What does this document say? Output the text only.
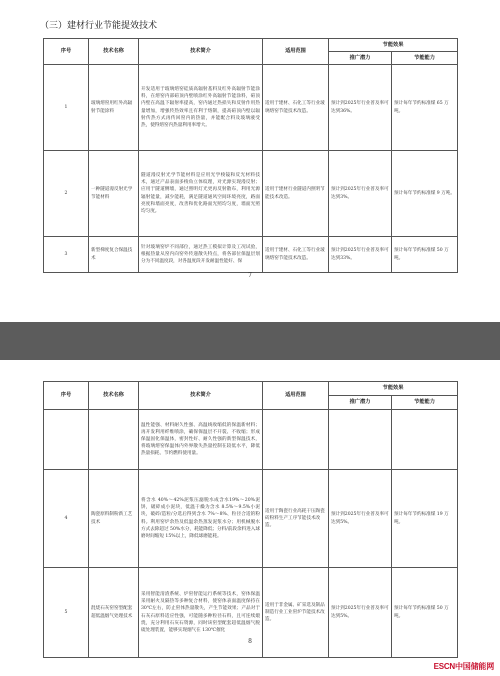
（三）建材行业节能提效技术
序号	技术名称	技术简介	适用范围	节能效果	
				推广潜力	节能能力
1	玻璃熔窑用红外高辐射节能涂料	开发适用于玻璃熔窑硅质高辐射基料及红外高辐射节能涂料，在熔窑内部碹顶内壁喷涂红外高辐射节能涂料，碹顶内壁在高温下辐射率提高，窑内通过热损失和反射作用热量增加，增强传热效率且有利于熔制，提高碹顶内壁以辐射传热方式再传回窑内的热量，并能配合料及玻璃液受热，使得熔窑内热量利用率增大。	适用于建材、石化工等行业玻璃熔窑节能技术改造。	预计到2025年行业普及率可达到36%。	预计每年节约标准煤 65 万吨。
2	一种隧道漫反射光学节能材料	隧道漫反射光学节能材料是应用光学棱镜和反光材料技术，通过产品表面多棱角立体纹理，对光源实现漫反射；应用于隧道侧墙，通过照明灯光更再反射散布，利用光源辐射能量，减少能耗，满足隧道通风空间环境亮度，路面亮度和墙面亮度，改善和优化路面光照均匀度，墙面光照均匀度。	适用于建材行业隧道内照明节能技术改造。	预计到2025年行业普及率可达到3%。	预计每年节约标准煤 9 万吨。
3	新型梯度复合保温技术	针对玻璃窑炉不同部位，通过热工模拟计算及工况试验，根据热量从窑内向窑外传递散失特点，将各部位保温层划分为不同温度段，对各温度段开发耐温性能好、保	适用于建材、石化工等行业玻璃熔窑节能技术改造。	预计到2025年行业普及率可达到33%。	预计每年节约标准煤 50 万吨。
7
序号	技术名称	技术简介	适用范围	节能效果	
				推广潜力	节能能力
		温性能强、材料耐久性强、高温线收缩低的保温新材料；再开发利用纤维喷涂，确保保温层不开裂、不收缩；形成保温固化保温体，密封性好、耐久性强的新型保温技术，将玻璃熔窑保温体内外界散失热量控制在较低水平，降低热量损耗、节约燃料使用量。			
4	陶瓷原料制粉新工艺技术	将含水 40%～42%泥浆压滤脱水成含水19%～20%泥饼，破碎成小泥块，低温干燥为含水 8.5%～9.5%小泥块，破碎/造粒/分选后得到含水 7%～8%、粒径合适的粉料。利用窑炉余热及低温余热蒸发泥浆水分；用机械脱水方式去除超过 50%水分，耗能降低；分料/前段余料进入球磨时间缩短 15%以上，降低球磨能耗。	适用于陶瓷行业高耗干压陶瓷砖粉料生产工序节能技术改造。	预计到2025年行业普及率可达到5%。	预计每年节约标准煤 19 万吨。
5	混烧石灰窑窑型配套超低温烟气处理技术	采用智能清渣系统、炉窑智能运行系统等技术，窑体保温采用耐火及隔热等多种复合材料，使窑体表面温度保持在 30℃左右，防止窑体热量散失，产生节能效果；产品对于石灰石原料适应性强，可能随多种粒径石料，且可连续煅烧，充分利用石灰石资源，同时该窑型配套超低温烟气脱硫处理装置，能够实现烟气在 130℃催化	适用于非金属、矿采选及制品制造行业工业窑炉节能技术改造。	预计到2025年行业普及率可达到5%。	预计每年节约标准煤 50 万吨。
8
ESCN中国储能网
